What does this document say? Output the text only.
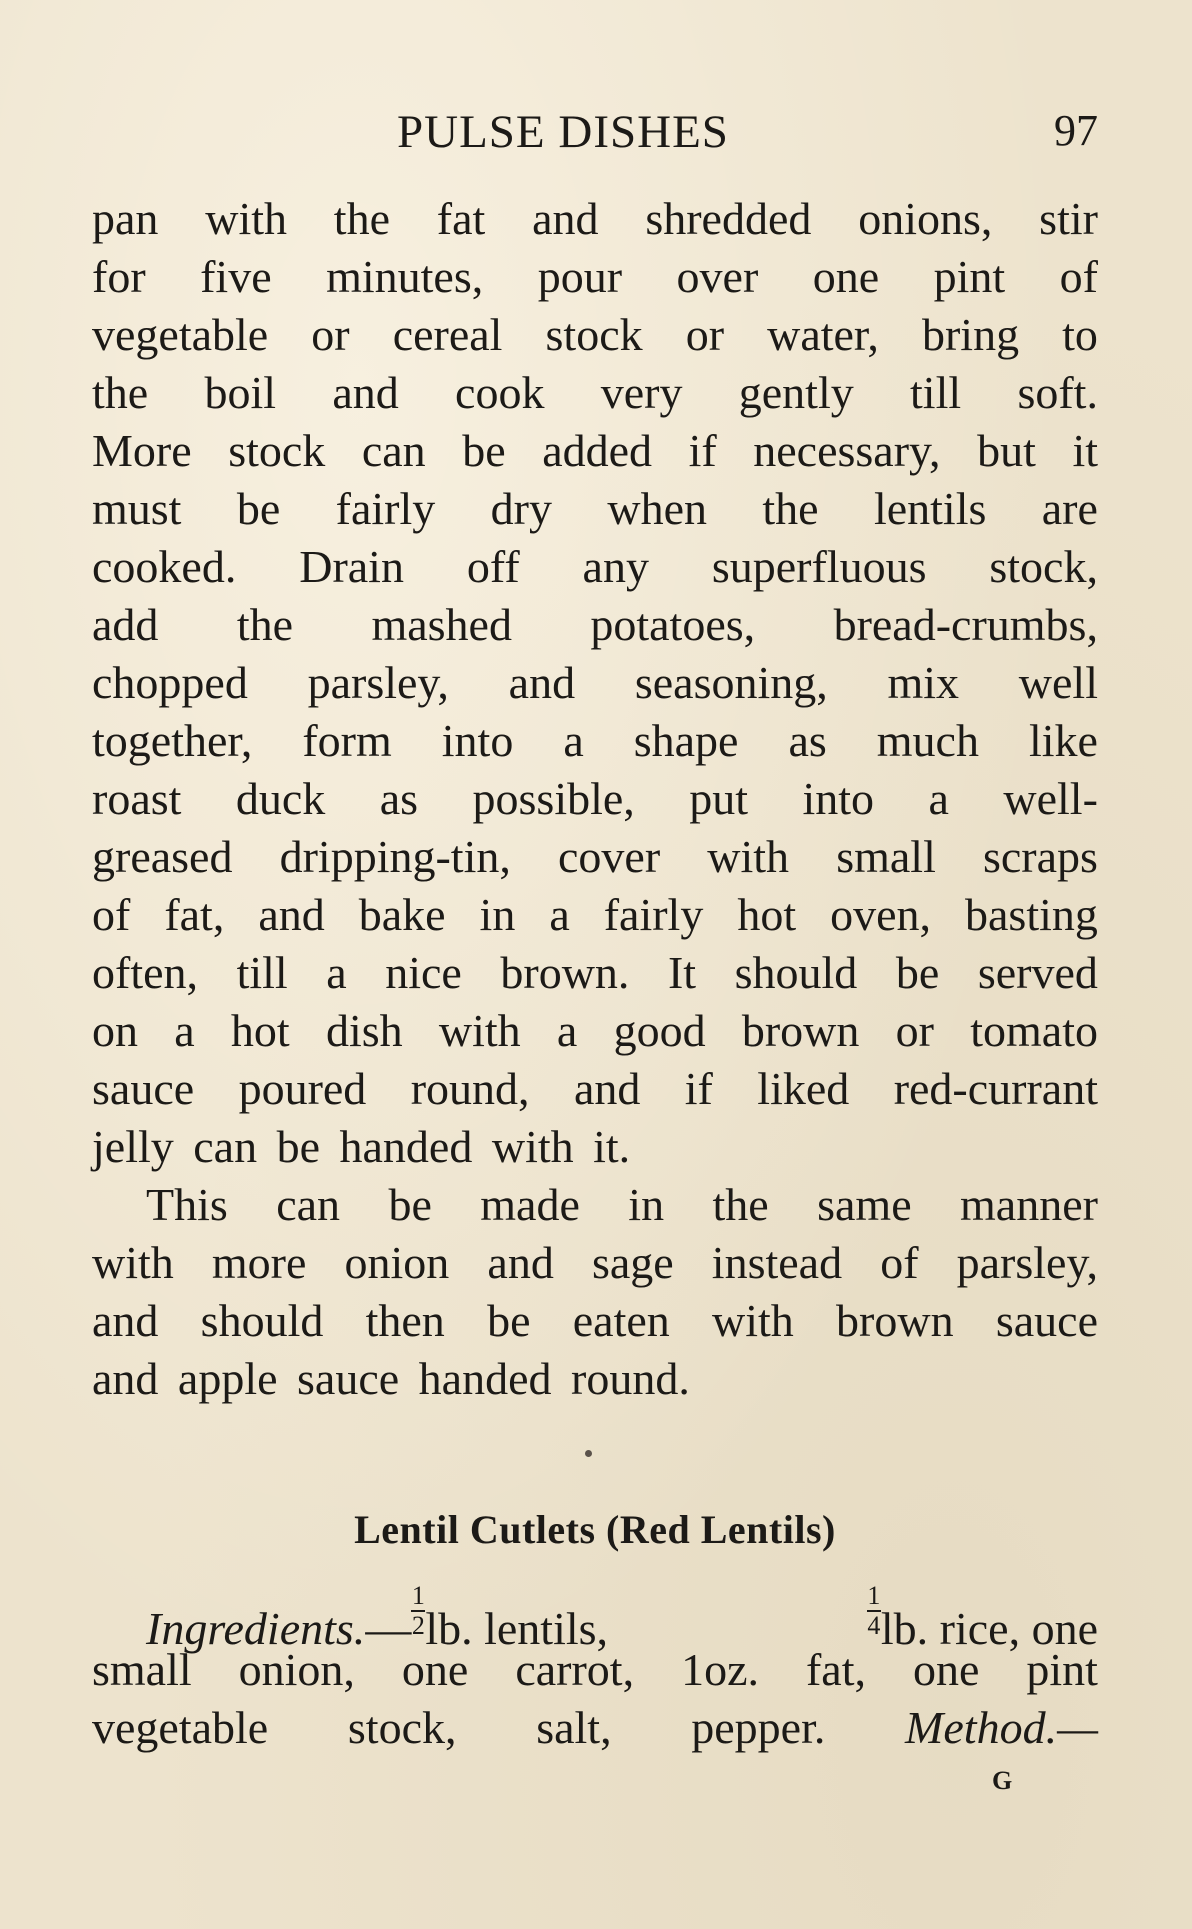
PULSE DISHES	97
pan with the fat and shredded onions, stir
for five minutes, pour over one pint of
vegetable or cereal stock or water, bring to
the boil and cook very gently till soft.
More stock can be added if necessary, but it
must be fairly dry when the lentils are
cooked. Drain off any superfluous stock,
add the mashed potatoes, bread-crumbs,
chopped parsley, and seasoning, mix well
together, form into a shape as much like
roast duck as possible, put into a well-
greased dripping-tin, cover with small scraps
of fat, and bake in a fairly hot oven, basting
often, till a nice brown. It should be served
on a hot dish with a good brown or tomato
sauce poured round, and if liked red-currant
jelly can be handed with it.
This can be made in the same manner
with more onion and sage instead of parsley,
and should then be eaten with brown sauce
and apple sauce handed round.
Lentil Cutlets (Red Lentils)
Ingredients.— $\frac{1}{2}$ lb. lentils,	$\frac{1}{4}$ lb. rice, one
small onion, one carrot, 1oz. fat, one pint
vegetable stock, salt, pepper. Method.—
G
